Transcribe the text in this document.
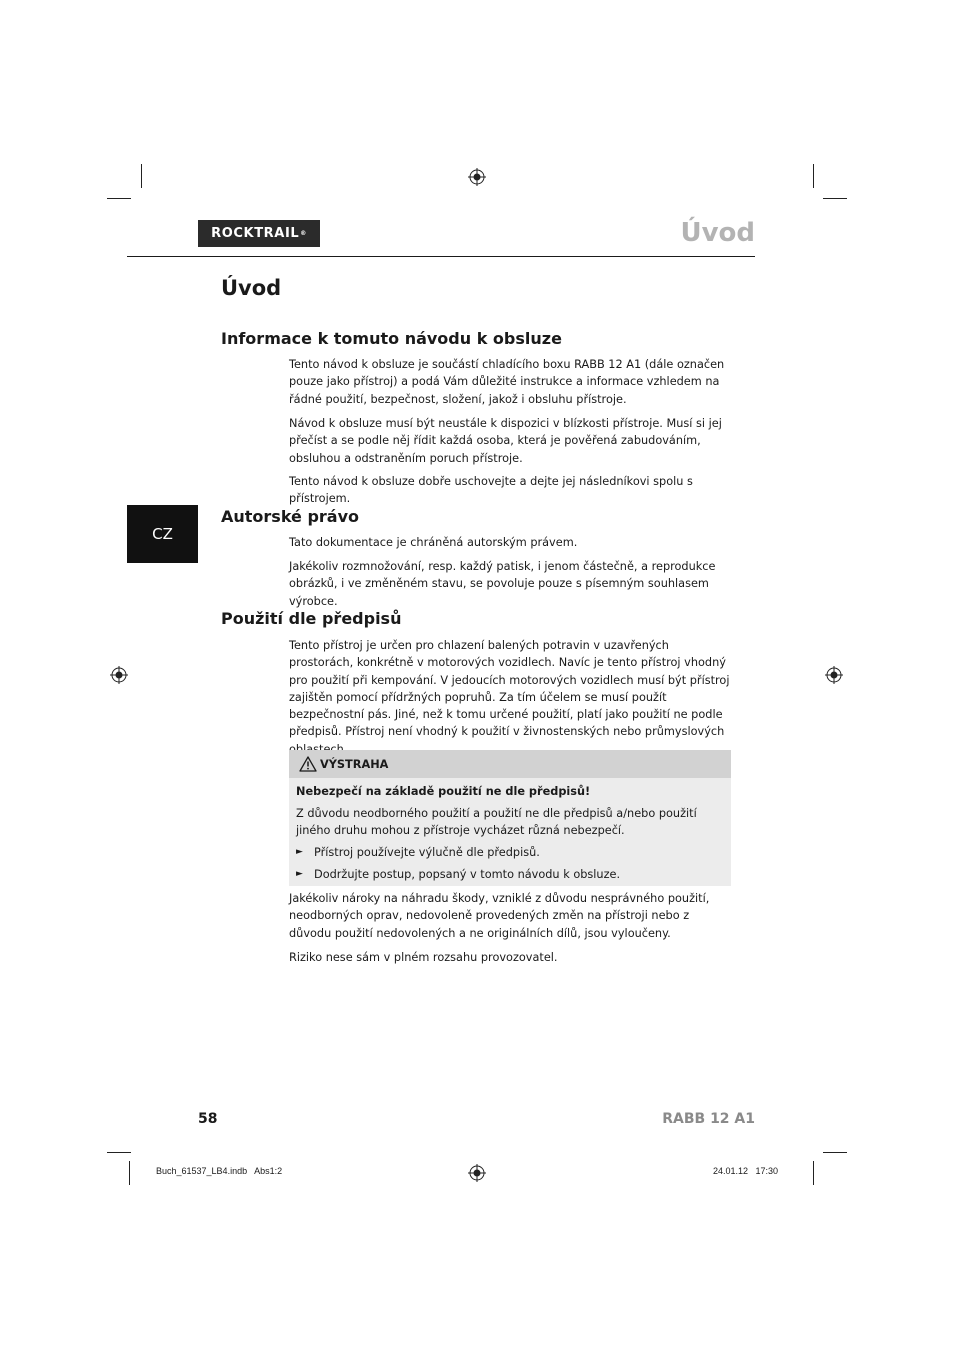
ROCKTRAIL ®	Úvod
CZ
Úvod
Informace k tomuto návodu k obsluze

Tento návod k obsluze je součástí chladícího boxu RABB 12 A1 (dále označen pouze jako přístroj) a podá Vám důležité instrukce a informace vzhledem na řádné použití, bezpečnost, složení, jakož i obsluhu přístroje.

Návod k obsluze musí být neustále k dispozici v blízkosti přístroje. Musí si jej přečíst a se podle něj řídit každá osoba, která je pověřená zabudováním, obsluhou a odstraněním poruch přístroje.

Tento návod k obsluze dobře uschovejte a dejte jej následníkovi spolu s přístrojem.

Autorské právo

Tato dokumentace je chráněná autorským právem.

Jakékoliv rozmnožování, resp. každý patisk, i jenom částečně, a reprodukce obrázků, i ve změněném stavu, se povoluje pouze s písemným souhlasem výrobce.

Použití dle předpisů

Tento přístroj je určen pro chlazení balených potravin v uzavřených prostorách, konkrétně v motorových vozidlech. Navíc je tento přístroj vhodný pro použití při kempování. V jedoucích motorových vozidlech musí být přístroj zajištěn pomocí přídržných popruhů. Za tím účelem se musí použít bezpečnostní pás. Jiné, než k tomu určené použití, platí jako použití ne podle předpisů. Přístroj není vhodný k použití v živnostenských nebo průmyslových

VÝSTRAHA

Nebezpečí na základě použití ne dle předpisů!

Z důvodu neodborného použití a použití ne dle předpisů a/nebo použití jiného druhu mohou z přístroje vycházet různá nebezpečí.

► Přístroj používejte výlučně dle předpisů.
► Dodržujte postup, popsaný v tomto návodu k obsluze.

Jakékoliv nároky na náhradu škody, vzniklé z důvodu nesprávného použití, neodborných oprav, nedovoleně provedených změn na přístroji nebo z důvodu použití nedovolených a ne originálních dílů, jsou vyloučeny.

Riziko nese sám v plném rozsahu provozovatel.

58	RABB 12 A1
Buch_61537_LB4.indb   Abs1:2	24.01.12   17:30
